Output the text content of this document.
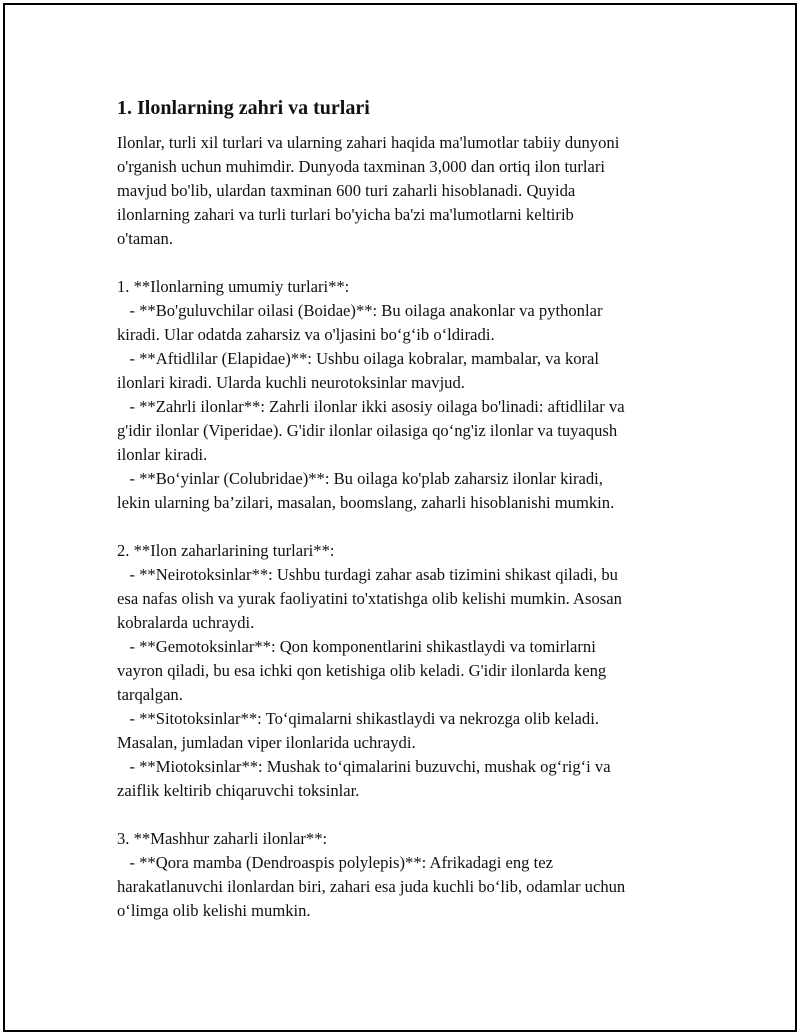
1. Ilonlarning zahri va turlari

Ilonlar, turli xil turlari va ularning zahari haqida ma'lumotlar tabiiy dunyoni
o'rganish uchun muhimdir. Dunyoda taxminan 3,000 dan ortiq ilon turlari
mavjud bo'lib, ulardan taxminan 600 turi zaharli hisoblanadi. Quyida
ilonlarning zahari va turli turlari bo'yicha ba'zi ma'lumotlarni keltirib
o'taman.

1. **Ilonlarning umumiy turlari**:
- **Bo'guluvchilar oilasi (Boidae)**: Bu oilaga anakonlar va pythonlar
kiradi. Ular odatda zaharsiz va o'ljasini bo‘g‘ib o‘ldiradi.
- **Aftidlilar (Elapidae)**: Ushbu oilaga kobralar, mambalar, va koral
ilonlari kiradi. Ularda kuchli neurotoksinlar mavjud.
- **Zahrli ilonlar**: Zahrli ilonlar ikki asosiy oilaga bo'linadi: aftidlilar va
g'idir ilonlar (Viperidae). G'idir ilonlar oilasiga qo‘ng'iz ilonlar va tuyaqush
ilonlar kiradi.
- **Bo‘yinlar (Colubridae)**: Bu oilaga ko'plab zaharsiz ilonlar kiradi,
lekin ularning ba’zilari, masalan, boomslang, zaharli hisoblanishi mumkin.

2. **Ilon zaharlarining turlari**:
- **Neirotoksinlar**: Ushbu turdagi zahar asab tizimini shikast qiladi, bu
esa nafas olish va yurak faoliyatini to'xtatishga olib kelishi mumkin. Asosan
kobralarda uchraydi.
- **Gemotoksinlar**: Qon komponentlarini shikastlaydi va tomirlarni
vayron qiladi, bu esa ichki qon ketishiga olib keladi. G'idir ilonlarda keng
tarqalgan.
- **Sitotoksinlar**: To‘qimalarni shikastlaydi va nekrozga olib keladi.
Masalan, jumladan viper ilonlarida uchraydi.
- **Miotoksinlar**: Mushak to‘qimalarini buzuvchi, mushak og‘rig‘i va
zaiflik keltirib chiqaruvchi toksinlar.

3. **Mashhur zaharli ilonlar**:
- **Qora mamba (Dendroaspis polylepis)**: Afrikadagi eng tez
harakatlanuvchi ilonlardan biri, zahari esa juda kuchli bo‘lib, odamlar uchun
o‘limga olib kelishi mumkin.
